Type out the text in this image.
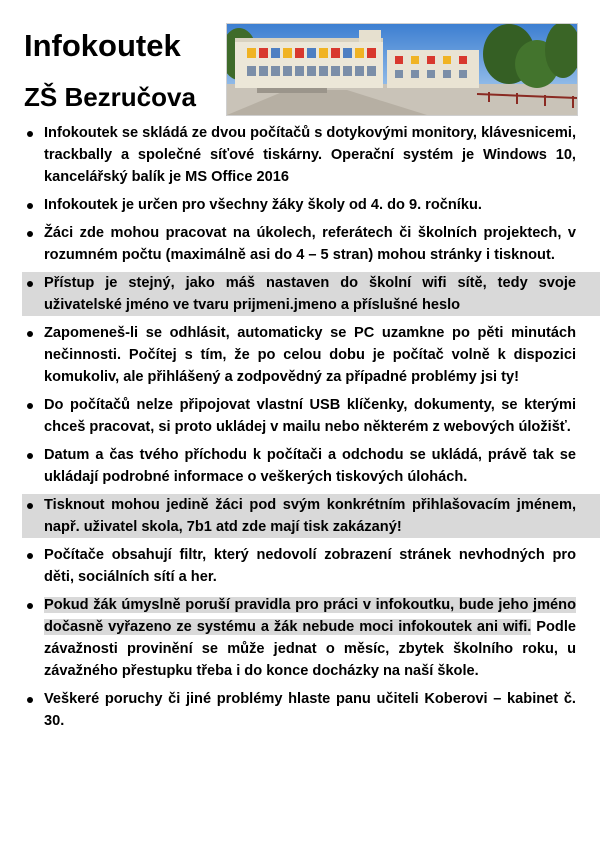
Infokoutek
ZŠ Bezručova
Infokoutek se skládá ze dvou počítačů s dotykovými monitory, klávesnicemi, trackbally a společné síťové tiskárny. Operační systém je Windows 10, kancelářský balík je MS Office 2016
Infokoutek je určen pro všechny žáky školy od 4. do 9. ročníku.
Žáci zde mohou pracovat na úkolech, referátech či školních projektech, v rozumném počtu (maximálně asi do 4 – 5 stran) mohou stránky i tisknout.
Přístup je stejný, jako máš nastaven do školní wifi sítě, tedy svoje uživatelské jméno ve tvaru prijmeni.jmeno a příslušné heslo
Zapomeneš-li se odhlásit, automaticky se PC uzamkne po pěti minutách nečinnosti. Počítej s tím, že po celou dobu je počítač volně k dispozici komukoliv, ale přihlášený a zodpovědný za případné problémy jsi ty!
Do počítačů nelze připojovat vlastní USB klíčenky, dokumenty, se kterými chceš pracovat, si proto ukládej v mailu nebo některém z webových úložišť.
Datum a čas tvého příchodu k počítači a odchodu se ukládá, právě tak se ukládají podrobné informace o veškerých tiskových úlohách.
Tisknout mohou jedině žáci pod svým konkrétním přihlašovacím jménem, např. uživatel skola, 7b1 atd zde mají tisk zakázaný!
Počítače obsahují filtr, který nedovolí zobrazení stránek nevhodných pro děti, sociálních sítí a her.
Pokud žák úmyslně poruší pravidla pro práci v infokoutku, bude jeho jméno dočasně vyřazeno ze systému a žák nebude moci infokoutek ani wifi. Podle závažnosti provinění se může jednat o měsíc, zbytek školního roku, u závažného přestupku třeba i do konce docházky na naší škole.
Veškeré poruchy či jiné problémy hlaste panu učiteli Koberovi – kabinet č. 30.
